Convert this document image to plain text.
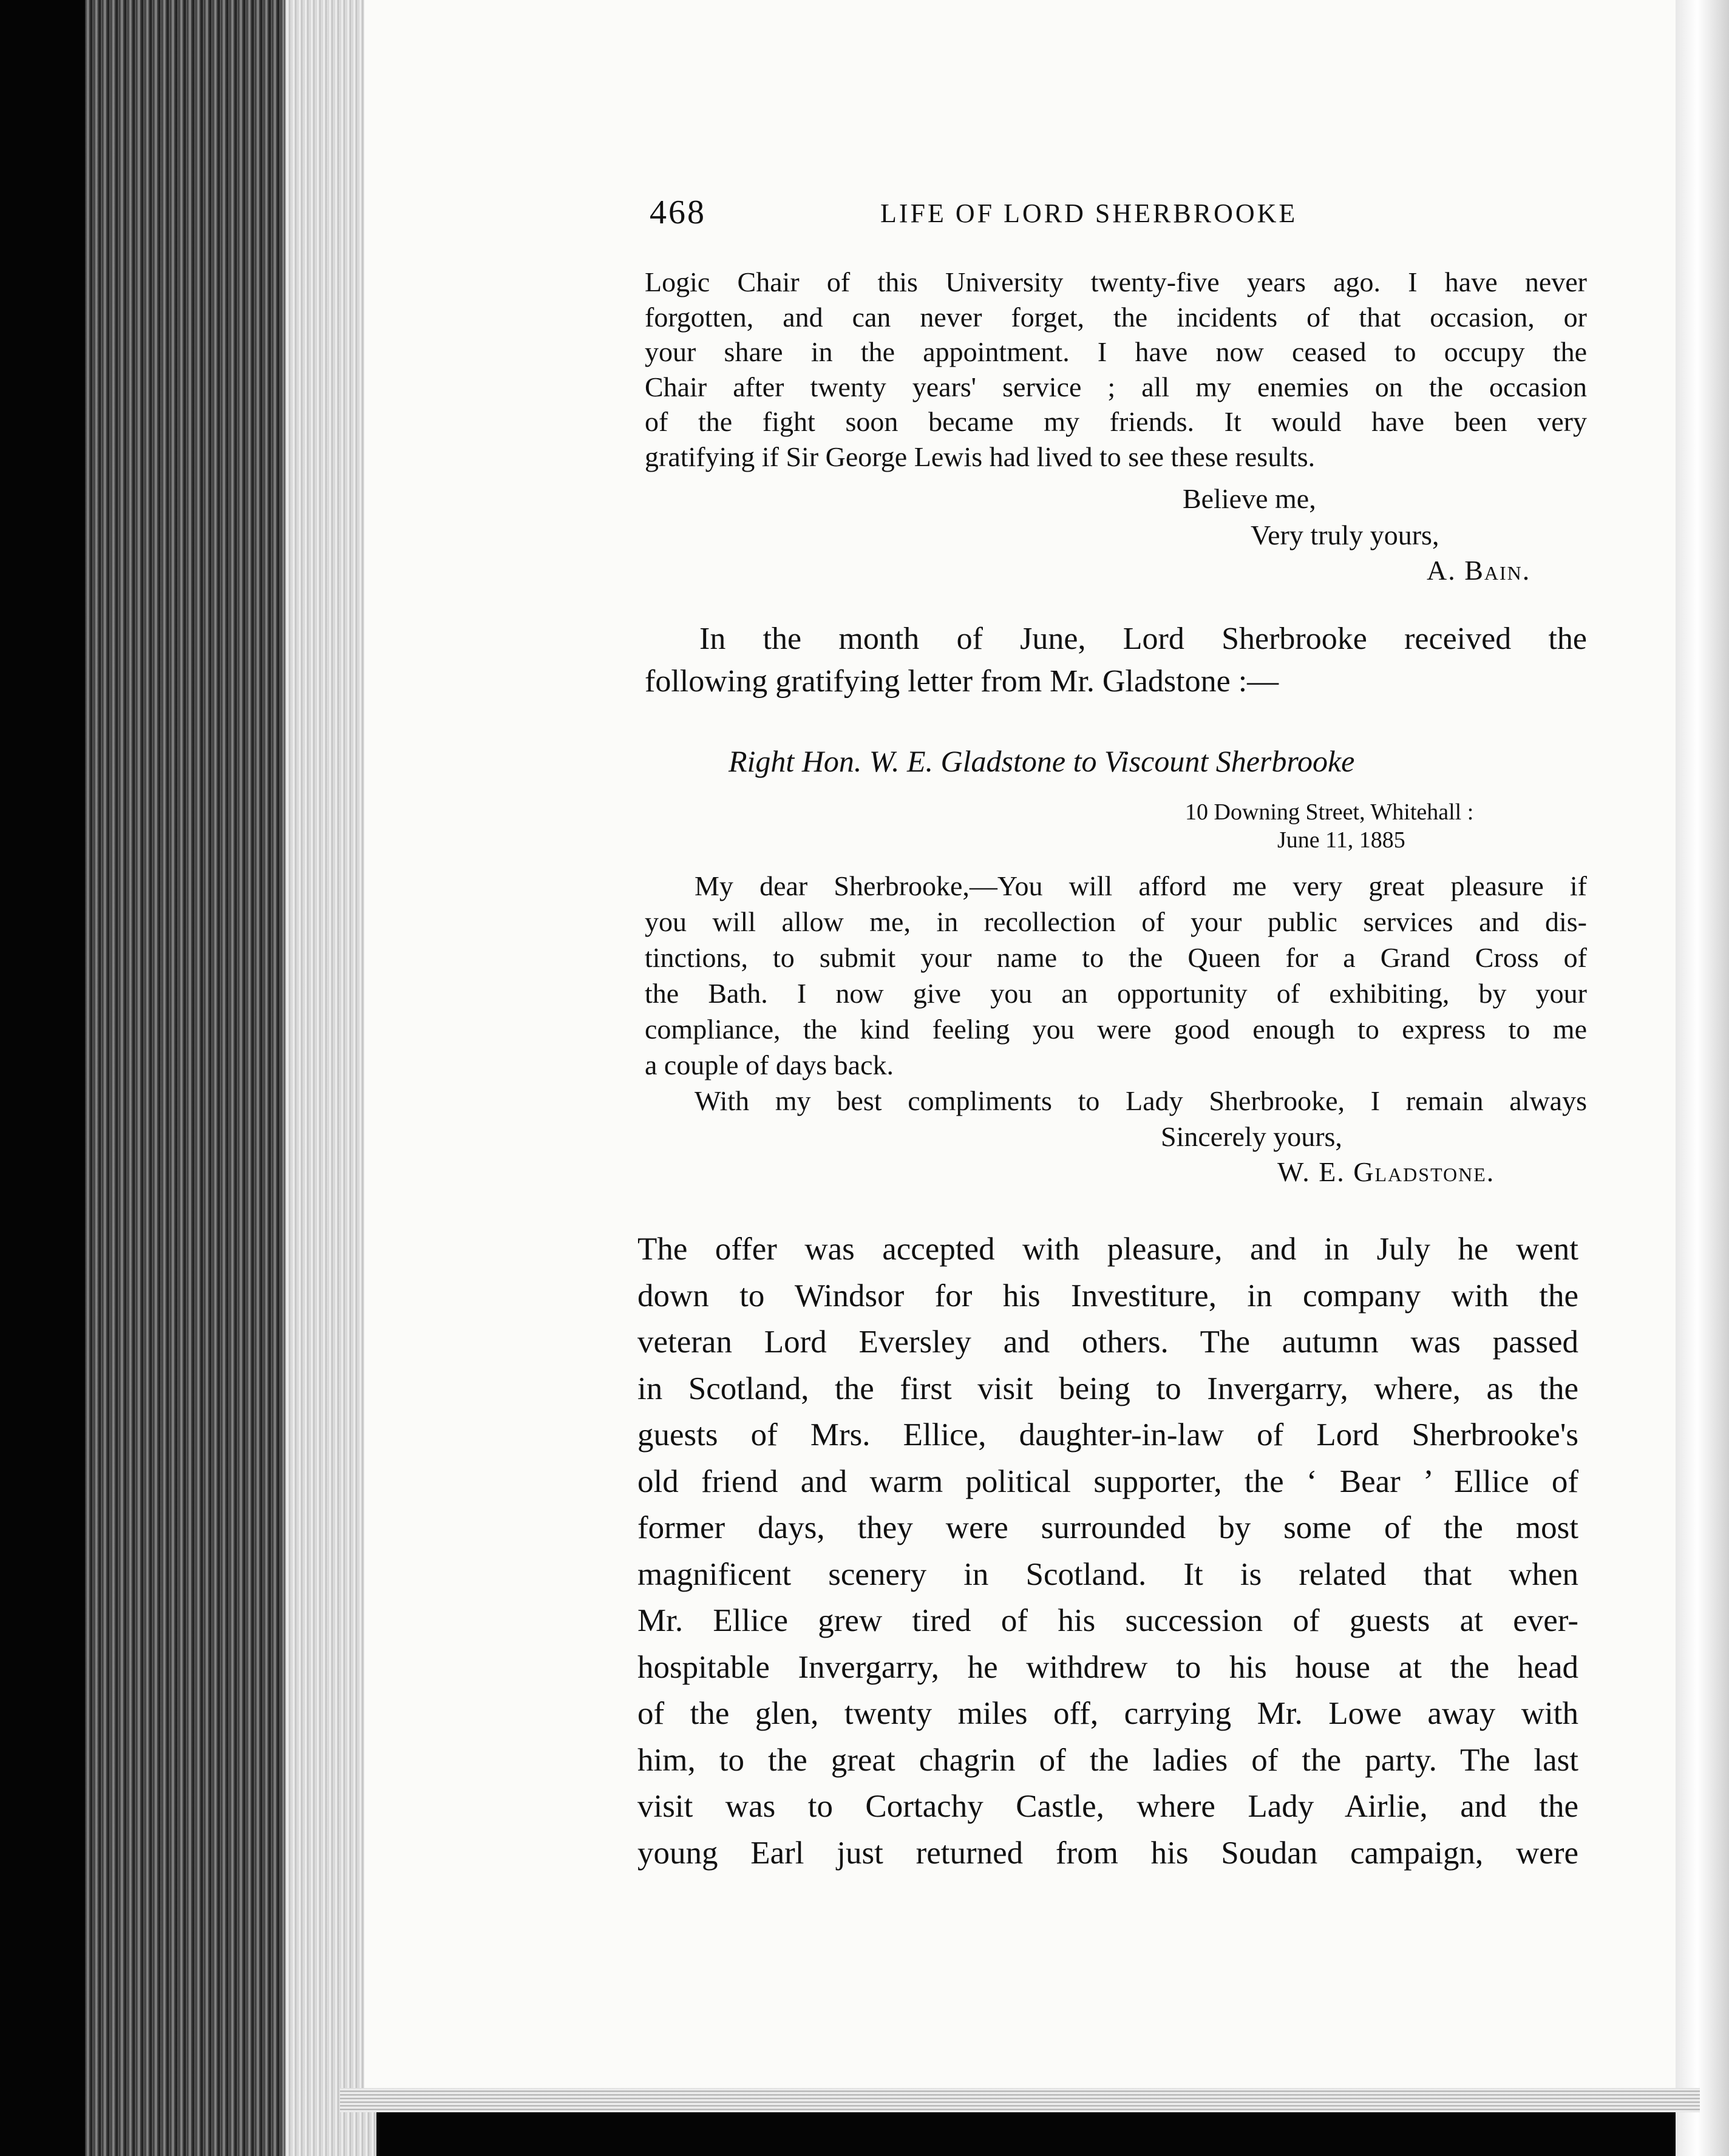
468	LIFE OF LORD SHERBROOKE
Logic Chair of this University twenty-five years ago. I have never
forgotten, and can never forget, the incidents of that occasion, or
your share in the appointment. I have now ceased to occupy the
Chair after twenty years' service ; all my enemies on the occasion
of the fight soon became my friends. It would have been very
gratifying if Sir George Lewis had lived to see these results.
Believe me,
Very truly yours,
A. Bain.
In the month of June, Lord Sherbrooke received the
following gratifying letter from Mr. Gladstone :—
Right Hon. W. E. Gladstone to Viscount Sherbrooke
10 Downing Street, Whitehall :
June 11, 1885
My dear Sherbrooke,—You will afford me very great pleasure if
you will allow me, in recollection of your public services and dis-
tinctions, to submit your name to the Queen for a Grand Cross of
the Bath. I now give you an opportunity of exhibiting, by your
compliance, the kind feeling you were good enough to express to me
a couple of days back.
With my best compliments to Lady Sherbrooke, I remain always
Sincerely yours,
W. E. Gladstone.
The offer was accepted with pleasure, and in July he went
down to Windsor for his Investiture, in company with the
veteran Lord Eversley and others. The autumn was passed
in Scotland, the first visit being to Invergarry, where, as the
guests of Mrs. Ellice, daughter-in-law of Lord Sherbrooke's
old friend and warm political supporter, the ‘ Bear ’ Ellice of
former days, they were surrounded by some of the most
magnificent scenery in Scotland. It is related that when
Mr. Ellice grew tired of his succession of guests at ever-
hospitable Invergarry, he withdrew to his house at the head
of the glen, twenty miles off, carrying Mr. Lowe away with
him, to the great chagrin of the ladies of the party. The last
visit was to Cortachy Castle, where Lady Airlie, and the
young Earl just returned from his Soudan campaign, were
